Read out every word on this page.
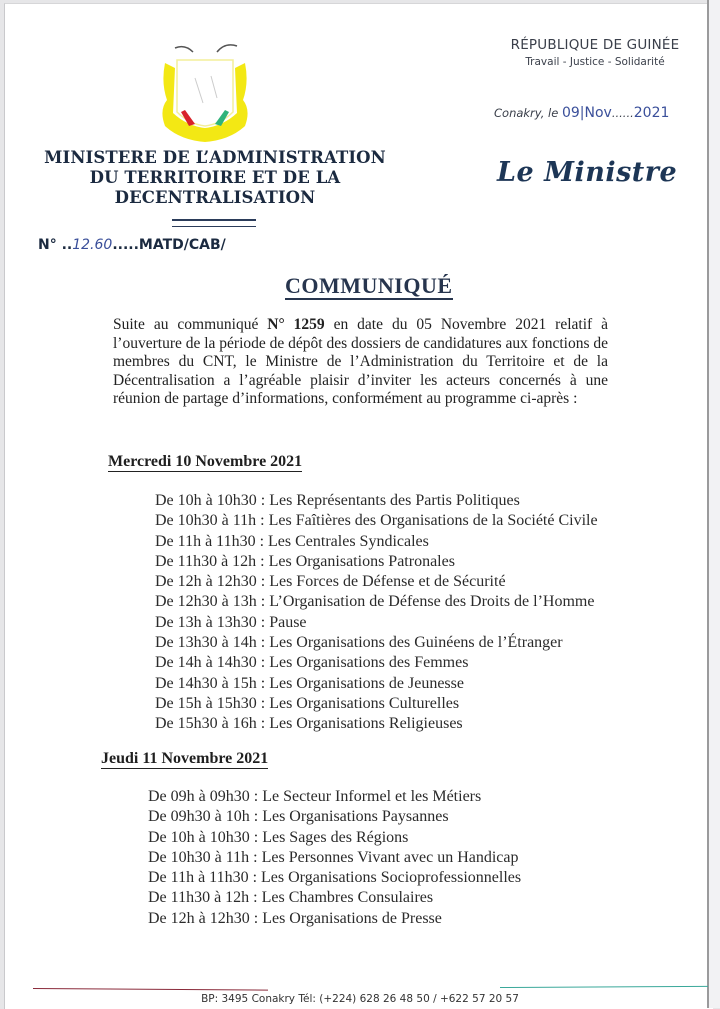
MINISTERE DE L’ADMINISTRATION
DU TERRITOIRE ET DE LA
DECENTRALISATION
N° ..12.60.....MATD/CAB/
RÉPUBLIQUE DE GUINÉE
Travail - Justice - Solidarité
Conakry, le 09|Nov......2021
Le Ministre
COMMUNIQUÉ
Suite au communiqué N° 1259 en date du 05 Novembre 2021 relatif à l’ouverture de la période de dépôt des dossiers de candidatures aux fonctions de membres du CNT, le Ministre de l’Administration du Territoire et de la Décentralisation a l’agréable plaisir d’inviter les acteurs concernés à une réunion de partage d’informations, conformément au programme ci-après :
Mercredi 10 Novembre 2021
De 10h à 10h30 : Les Représentants des Partis Politiques
De 10h30 à 11h : Les Faîtières des Organisations de la Société Civile
De 11h à 11h30 : Les Centrales Syndicales
De 11h30 à 12h : Les Organisations Patronales
De 12h à 12h30 : Les Forces de Défense et de Sécurité
De 12h30 à 13h : L’Organisation de Défense des Droits de l’Homme
De 13h à 13h30 : Pause
De 13h30 à 14h : Les Organisations des Guinéens de l’Étranger
De 14h à 14h30 : Les Organisations des Femmes
De 14h30 à 15h : Les Organisations de Jeunesse
De 15h à 15h30 : Les Organisations Culturelles
De 15h30 à 16h : Les Organisations Religieuses
Jeudi 11 Novembre 2021
De 09h à 09h30 : Le Secteur Informel et les Métiers
De 09h30 à 10h : Les Organisations Paysannes
De 10h à 10h30 : Les Sages des Régions
De 10h30 à 11h : Les Personnes Vivant avec un Handicap
De 11h à 11h30 : Les Organisations Socioprofessionnelles
De 11h30 à 12h : Les Chambres Consulaires
De 12h à 12h30 : Les Organisations de Presse
BP: 3495 Conakry Tél: (+224) 628 26 48 50 / +622 57 20 57
